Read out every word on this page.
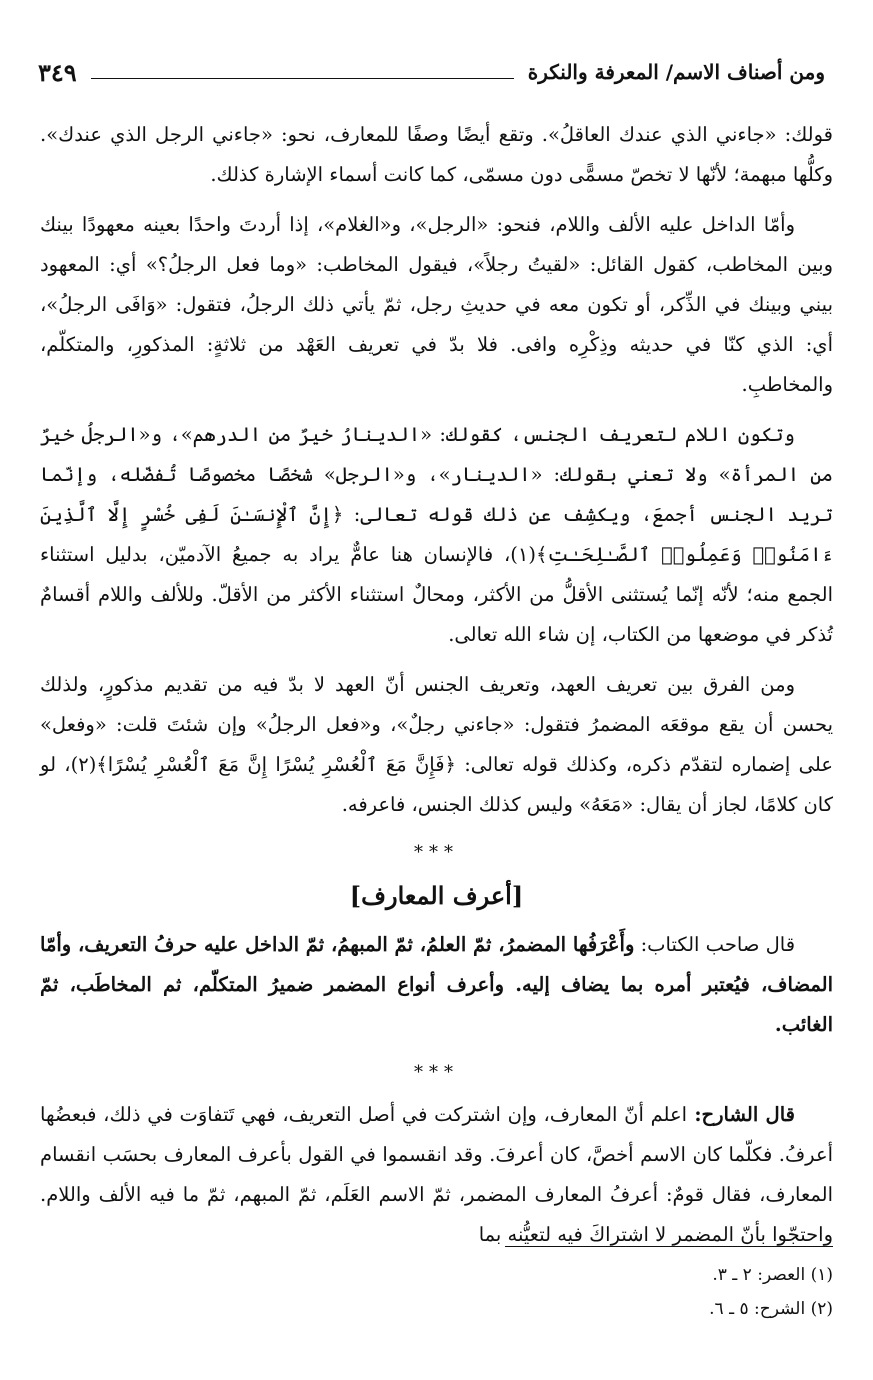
ومن أصناف الاسم/ المعرفة والنكرة
٣٤٩

قولك: «جاءني الذي عندك العاقلُ». وتقع أيضًا وصفًا للمعارف، نحو: «جاءني الرجل الذي عندك». وكلُّها مبهمة؛ لأنّها لا تخصّ مسمًّى دون مسمّى، كما كانت أسماء الإشارة كذلك.

وأمّا الداخل عليه الألف واللام، فنحو: «الرجل»، و«الغلام»، إذا أردتَ واحدًا بعينه معهودًا بينك وبين المخاطب، كقول القائل: «لقيتُ رجلاً»، فيقول المخاطب: «وما فعل الرجلُ؟» أي: المعهود بيني وبينك في الذِّكر، أو تكون معه في حديثِ رجل، ثمّ يأتي ذلك الرجلُ، فتقول: «وَافَى الرجلُ»، أي: الذي كنّا في حديثه وذِكْرِه وافى. فلا بدّ في تعريف العَهْد من ثلاثةٍ: المذكورِ، والمتكلّم، والمخاطبِ.

وتكون اللام لتعريف الجنس، كقولك: «الدينارُ خيرٌ من الدرهم»، و«الرجلُ خيرٌ من المرأة» ولا تعني بقولك: «الدينار»، و«الرجل» شخصًا مخصوصًا تُفضّله، وإنّما تريد الجنس أجمعَ، ويكشِف عن ذلك قوله تعالى: ﴿إِنَّ ٱلْإِنسَـٰنَ لَفِى خُسْرٍ إِلَّا ٱلَّذِينَ ءَامَنُوا۟ وَعَمِلُوا۟ ٱلصَّـٰلِحَـٰتِ﴾(١)، فالإنسان هنا عامٌّ يراد به جميعُ الآدميّن، بدليل استثناء الجمع منه؛ لأنّه إنّما يُستثنى الأقلُّ من الأكثر، ومحالٌ استثناء الأكثر من الأقلّ. وللألف واللام أقسامٌ تُذكر في موضعها من الكتاب، إن شاء الله تعالى.

ومن الفرق بين تعريف العهد، وتعريف الجنس أنّ العهد لا بدّ فيه من تقديم مذكورٍ، ولذلك يحسن أن يقع موقعَه المضمرُ فتقول: «جاءني رجلٌ»، و«فعل الرجلُ» وإن شئتَ قلت: «وفعل» على إضماره لتقدّم ذكره، وكذلك قوله تعالى: ﴿فَإِنَّ مَعَ ٱلْعُسْرِ يُسْرًا إِنَّ مَعَ ٱلْعُسْرِ يُسْرًا﴾(٢)، لو كان كلامًا، لجاز أن يقال: «مَعَهُ» وليس كذلك الجنس، فاعرفه.

***
[أعرف المعارف]

قال صاحب الكتاب: وأَعْرَفُها المضمرُ، ثمّ العلمُ، ثمّ المبهمُ، ثمّ الداخل عليه حرفُ التعريف، وأمّا المضاف، فيُعتبر أمره بما يضاف إليه. وأعرف أنواع المضمر ضميرُ المتكلّم، ثم المخاطَب، ثمّ الغائب.

***

قال الشارح: اعلم أنّ المعارف، وإن اشتركت في أصل التعريف، فهي تَتفاوَت في ذلك، فبعضُها أعرفُ. فكلّما كان الاسم أخصَّ، كان أعرفَ. وقد انقسموا في القول بأعرف المعارف بحسَب انقسام المعارف، فقال قومٌ: أعرفُ المعارف المضمر، ثمّ الاسم العَلَم، ثمّ المبهم، ثمّ ما فيه الألف واللام. واحتجّوا بأنّ المضمر لا اشتراكَ فيه لتعيُّنه بما

(١) العصر: ٢ ـ ٣.
(٢) الشرح: ٥ ـ ٦.
